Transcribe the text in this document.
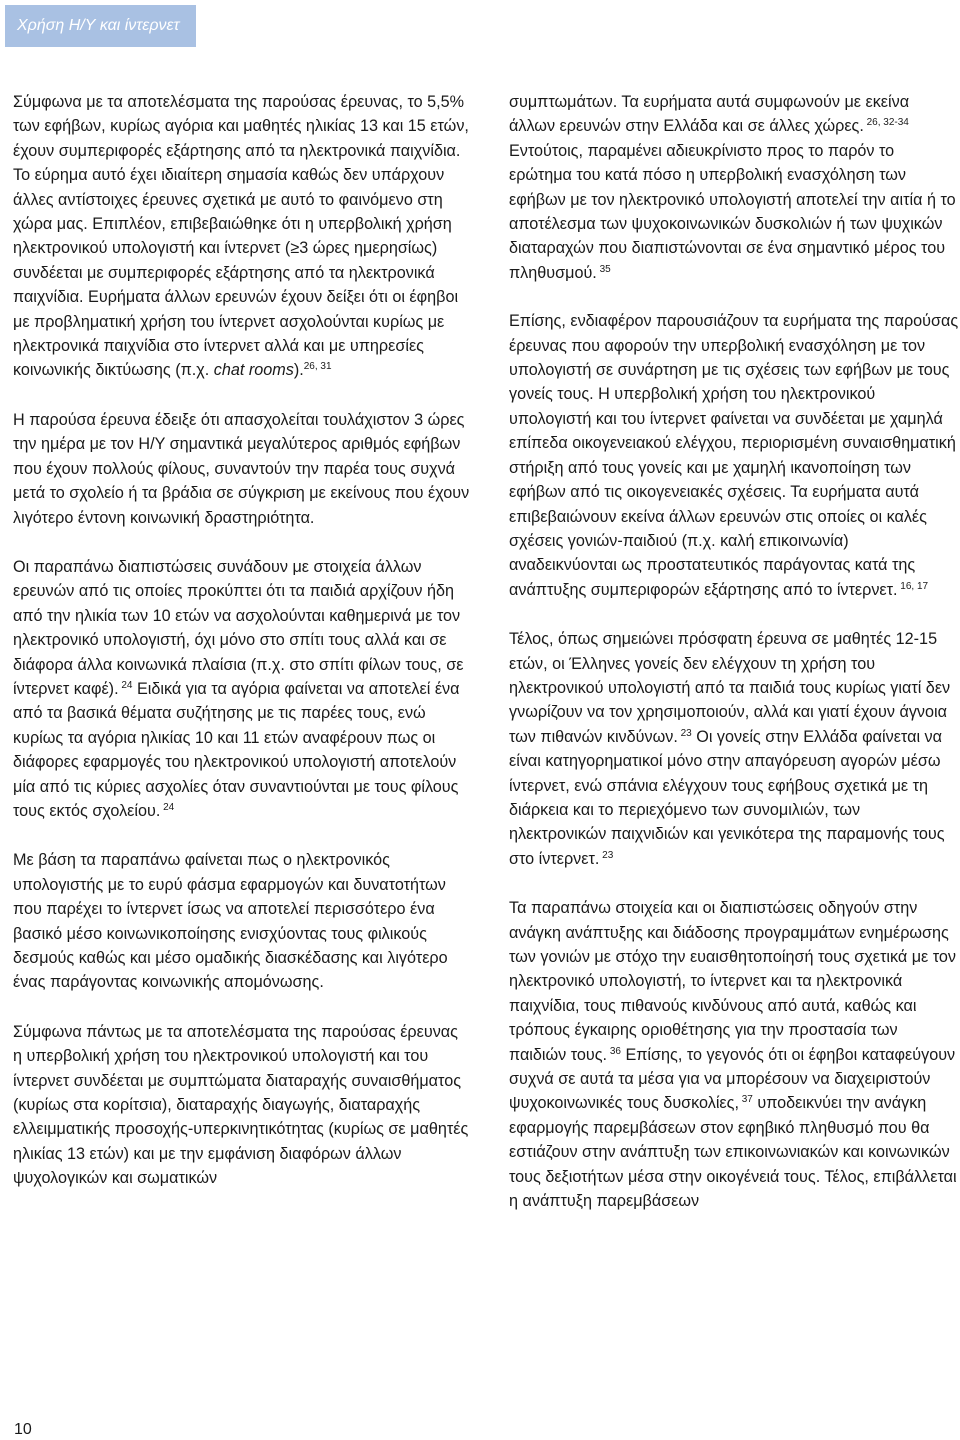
Χρήση Η/Υ και ίντερνετ

Σύμφωνα με τα αποτελέσματα της παρούσας έρευνας, το 5,5% των εφήβων, κυρίως αγόρια και μαθητές ηλικίας 13 και 15 ετών, έχουν συμπεριφορές εξάρτησης από τα ηλεκτρονικά παιχνίδια. Το εύρημα αυτό έχει ιδιαίτερη σημασία καθώς δεν υπάρχουν άλλες αντίστοιχες έρευνες σχετικά με αυτό το φαινόμενο στη χώρα μας. Επιπλέον, επιβεβαιώθηκε ότι η υπερβολική χρήση ηλεκτρονικού υπολογιστή και ίντερνετ (≥3 ώρες ημερησίως) συνδέεται με συμπεριφορές εξάρτησης από τα ηλεκτρονικά παιχνίδια. Ευρήματα άλλων ερευνών έχουν δείξει ότι οι έφηβοι με προβληματική χρήση του ίντερνετ ασχολούνται κυρίως με ηλεκτρονικά παιχνίδια στο ίντερνετ αλλά και με υπηρεσίες κοινωνικής δικτύωσης (π.χ. chat rooms).$^{26, 31}$

Η παρούσα έρευνα έδειξε ότι απασχολείται τουλάχιστον 3 ώρες την ημέρα με τον Η/Υ σημαντικά μεγαλύτερος αριθμός εφήβων που έχουν πολλούς φίλους, συναντούν την παρέα τους συχνά μετά το σχολείο ή τα βράδια σε σύγκριση με εκείνους που έχουν λιγότερο έντονη κοινωνική δραστηριότητα.

Οι παραπάνω διαπιστώσεις συνάδουν με στοιχεία άλλων ερευνών από τις οποίες προκύπτει ότι τα παιδιά αρχίζουν ήδη από την ηλικία των 10 ετών να ασχολούνται καθημερινά με τον ηλεκτρονικό υπολογιστή, όχι μόνο στο σπίτι τους αλλά και σε διάφορα άλλα κοινωνικά πλαίσια (π.χ. στο σπίτι φίλων τους, σε ίντερνετ καφέ). $^{24}$ Ειδικά για τα αγόρια φαίνεται να αποτελεί ένα από τα βασικά θέματα συζήτησης με τις παρέες τους, ενώ κυρίως τα αγόρια ηλικίας 10 και 11 ετών αναφέρουν πως οι διάφορες εφαρμογές του ηλεκτρονικού υπολογιστή αποτελούν μία από τις κύριες ασχολίες όταν συναντιούνται με τους φίλους τους εκτός σχολείου. $^{24}$

Με βάση τα παραπάνω φαίνεται πως ο ηλεκτρονικός υπολογιστής με το ευρύ φάσμα εφαρμογών και δυνατοτήτων που παρέχει το ίντερνετ ίσως να αποτελεί περισσότερο ένα βασικό μέσο κοινωνικοποίησης ενισχύοντας τους φιλικούς δεσμούς καθώς και μέσο ομαδικής διασκέδασης και λιγότερο ένας παράγοντας κοινωνικής απομόνωσης.

Σύμφωνα πάντως με τα αποτελέσματα της παρούσας έρευνας η υπερβολική χρήση του ηλεκτρονικού υπολογιστή και του ίντερνετ συνδέεται με συμπτώματα διαταραχής συναισθήματος (κυρίως στα κορίτσια), διαταραχής διαγωγής, διαταραχής ελλειμματικής προσοχής-υπερκινητικότητας (κυρίως σε μαθητές ηλικίας 13 ετών) και με την εμφάνιση διαφόρων άλλων ψυχολογικών και σωματικών

συμπτωμάτων. Τα ευρήματα αυτά συμφωνούν με εκείνα άλλων ερευνών στην Ελλάδα και σε άλλες χώρες. $^{26, 32-34}$ Εντούτοις, παραμένει αδιευκρίνιστο προς το παρόν το ερώτημα του κατά πόσο η υπερβολική ενασχόληση των εφήβων με τον ηλεκτρονικό υπολογιστή αποτελεί την αιτία ή το αποτέλεσμα των ψυχοκοινωνικών δυσκολιών ή των ψυχικών διαταραχών που διαπιστώνονται σε ένα σημαντικό μέρος του πληθυσμού. $^{35}$

Επίσης, ενδιαφέρον παρουσιάζουν τα ευρήματα της παρούσας έρευνας που αφορούν την υπερβολική ενασχόληση με τον υπολογιστή σε συνάρτηση με τις σχέσεις των εφήβων με τους γονείς τους. Η υπερβολική χρήση του ηλεκτρονικού υπολογιστή και του ίντερνετ φαίνεται να συνδέεται με χαμηλά επίπεδα οικογενειακού ελέγχου, περιορισμένη συναισθηματική στήριξη από τους γονείς και με χαμηλή ικανοποίηση των εφήβων από τις οικογενειακές σχέσεις. Τα ευρήματα αυτά επιβεβαιώνουν εκείνα άλλων ερευνών στις οποίες οι καλές σχέσεις γονιών-παιδιού (π.χ. καλή επικοινωνία) αναδεικνύονται ως προστατευτικός παράγοντας κατά της ανάπτυξης συμπεριφορών εξάρτησης από το ίντερνετ. $^{16, 17}$

Τέλος, όπως σημειώνει πρόσφατη έρευνα σε μαθητές 12-15 ετών, οι Έλληνες γονείς δεν ελέγχουν τη χρήση του ηλεκτρονικού υπολογιστή από τα παιδιά τους κυρίως γιατί δεν γνωρίζουν να τον χρησιμοποιούν, αλλά και γιατί έχουν άγνοια των πιθανών κινδύνων. $^{23}$ Οι γονείς στην Ελλάδα φαίνεται να είναι κατηγορηματικοί μόνο στην απαγόρευση αγορών μέσω ίντερνετ, ενώ σπάνια ελέγχουν τους εφήβους σχετικά με τη διάρκεια και το περιεχόμενο των συνομιλιών, των ηλεκτρονικών παιχνιδιών και γενικότερα της παραμονής τους στο ίντερνετ. $^{23}$

Τα παραπάνω στοιχεία και οι διαπιστώσεις οδηγούν στην ανάγκη ανάπτυξης και διάδοσης προγραμμάτων ενημέρωσης των γονιών με στόχο την ευαισθητοποίησή τους σχετικά με τον ηλεκτρονικό υπολογιστή, το ίντερνετ και τα ηλεκτρονικά παιχνίδια, τους πιθανούς κινδύνους από αυτά, καθώς και τρόπους έγκαιρης οριοθέτησης για την προστασία των παιδιών τους. $^{36}$ Επίσης, το γεγονός ότι οι έφηβοι καταφεύγουν συχνά σε αυτά τα μέσα για να μπορέσουν να διαχειριστούν ψυχοκοινωνικές τους δυσκολίες, $^{37}$ υποδεικνύει την ανάγκη εφαρμογής παρεμβάσεων στον εφηβικό πληθυσμό που θα εστιάζουν στην ανάπτυξη των επικοινωνιακών και κοινωνικών τους δεξιοτήτων μέσα στην οικογένειά τους. Τέλος, επιβάλλεται η ανάπτυξη παρεμβάσεων

10
